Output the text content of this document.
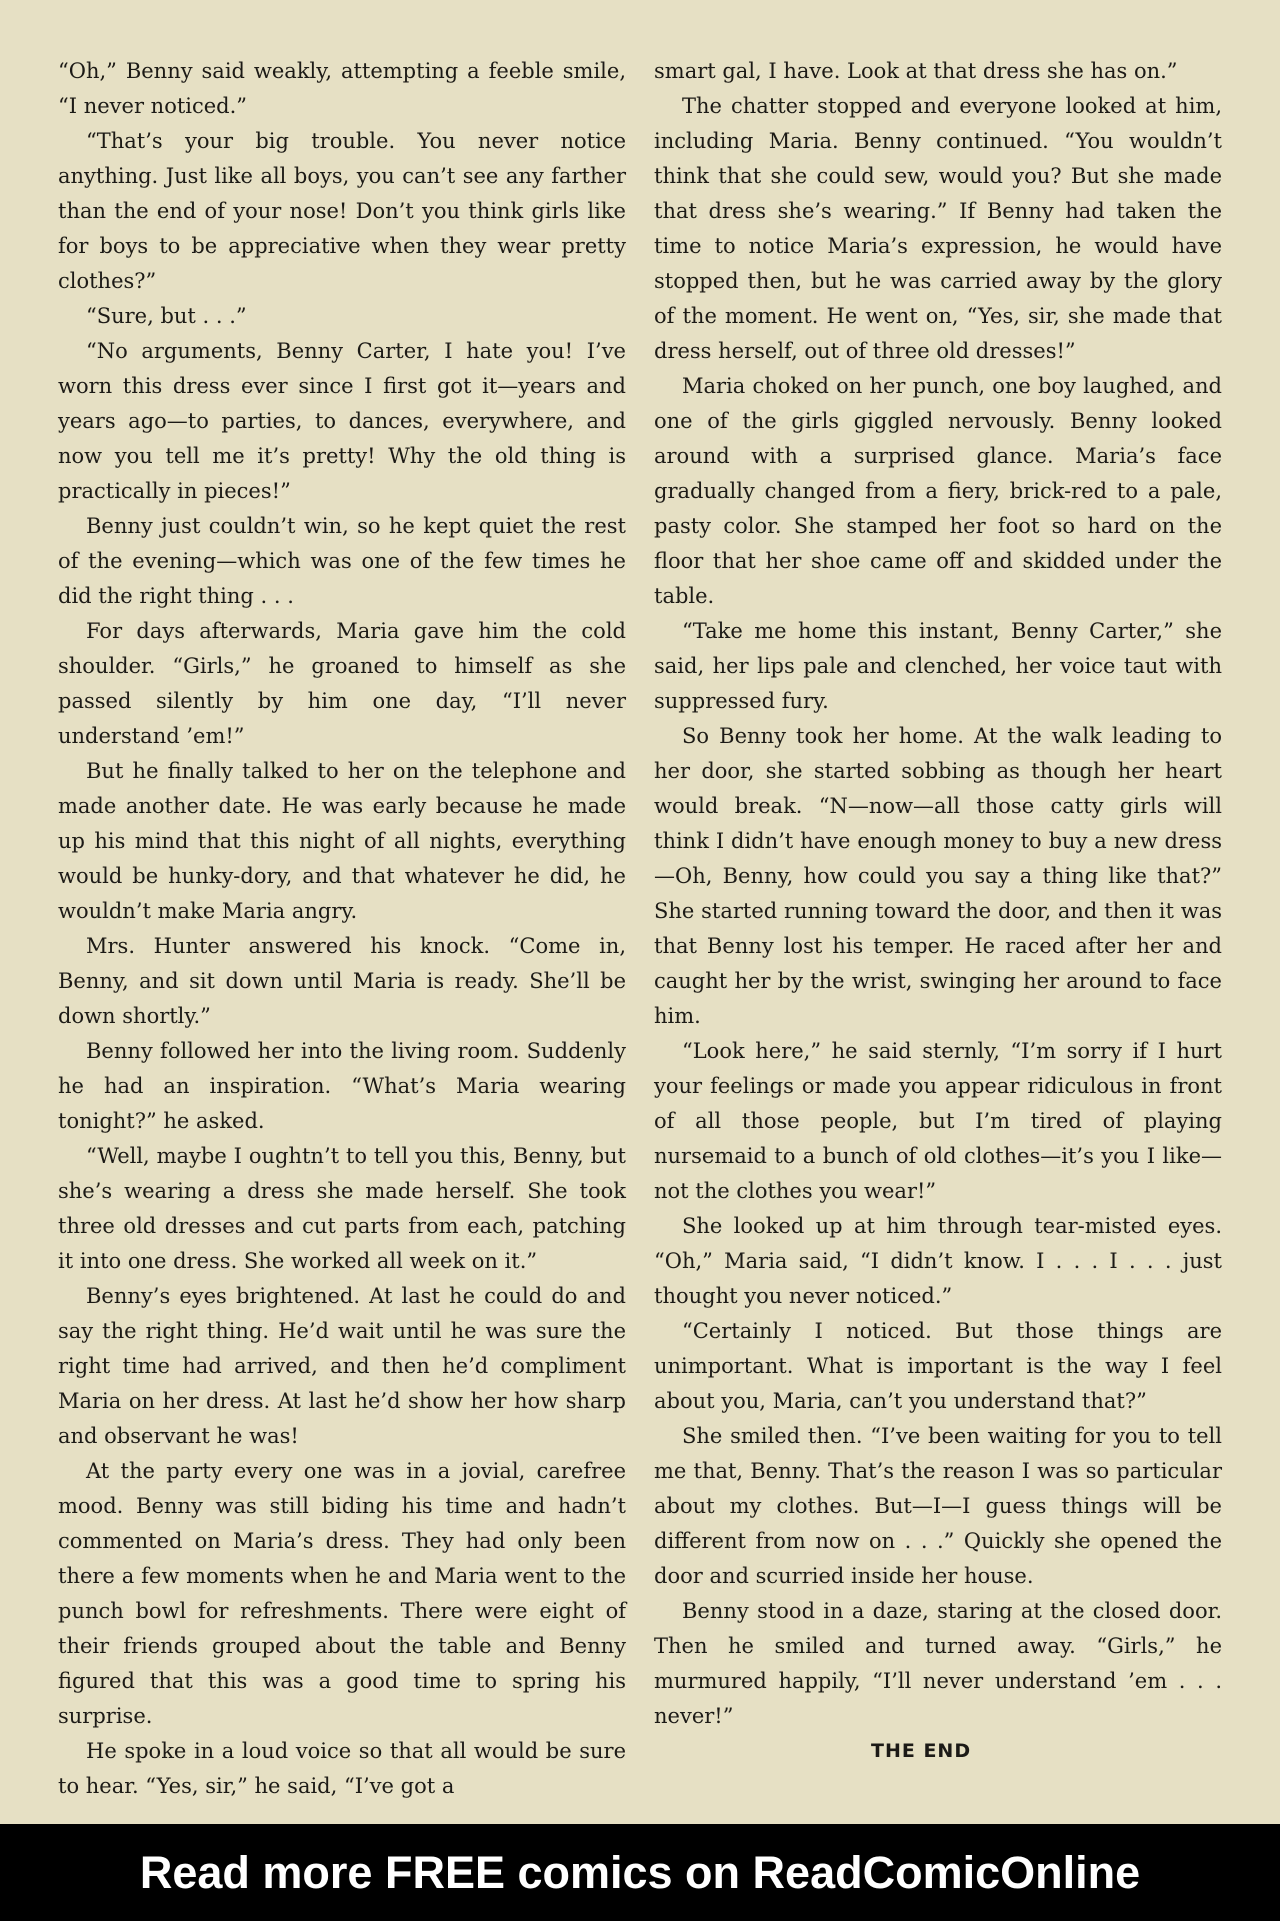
“Oh,” Benny said weakly, attempting a feeble smile, “I never noticed.”

“That’s your big trouble. You never notice anything. Just like all boys, you can’t see any farther than the end of your nose! Don’t you think girls like for boys to be appreciative when they wear pretty clothes?”

“Sure, but . . .”

“No arguments, Benny Carter, I hate you! I’ve worn this dress ever since I first got it—years and years ago—to parties, to dances, everywhere, and now you tell me it’s pretty! Why the old thing is practically in pieces!”

Benny just couldn’t win, so he kept quiet the rest of the evening—which was one of the few times he did the right thing . . .

For days afterwards, Maria gave him the cold shoulder. “Girls,” he groaned to himself as she passed silently by him one day, “I’ll never understand ’em!”

But he finally talked to her on the telephone and made another date. He was early because he made up his mind that this night of all nights, everything would be hunky-dory, and that whatever he did, he wouldn’t make Maria angry.

Mrs. Hunter answered his knock. “Come in, Benny, and sit down until Maria is ready. She’ll be down shortly.”

Benny followed her into the living room. Suddenly he had an inspiration. “What’s Maria wearing tonight?” he asked.

“Well, maybe I oughtn’t to tell you this, Benny, but she’s wearing a dress she made herself. She took three old dresses and cut parts from each, patching it into one dress. She worked all week on it.”

Benny’s eyes brightened. At last he could do and say the right thing. He’d wait until he was sure the right time had arrived, and then he’d compliment Maria on her dress. At last he’d show her how sharp and observant he was!

At the party every one was in a jovial, carefree mood. Benny was still biding his time and hadn’t commented on Maria’s dress. They had only been there a few moments when he and Maria went to the punch bowl for refreshments. There were eight of their friends grouped about the table and Benny figured that this was a good time to spring his surprise.

He spoke in a loud voice so that all would be sure to hear. “Yes, sir,” he said, “I’ve got a

smart gal, I have. Look at that dress she has on.”

The chatter stopped and everyone looked at him, including Maria. Benny continued. “You wouldn’t think that she could sew, would you? But she made that dress she’s wearing.” If Benny had taken the time to notice Maria’s expression, he would have stopped then, but he was carried away by the glory of the moment. He went on, “Yes, sir, she made that dress herself, out of three old dresses!”

Maria choked on her punch, one boy laughed, and one of the girls giggled nervously. Benny looked around with a surprised glance. Maria’s face gradually changed from a fiery, brick-red to a pale, pasty color. She stamped her foot so hard on the floor that her shoe came off and skidded under the table.

“Take me home this instant, Benny Carter,” she said, her lips pale and clenched, her voice taut with suppressed fury.

So Benny took her home. At the walk leading to her door, she started sobbing as though her heart would break. “N—now—all those catty girls will think I didn’t have enough money to buy a new dress—Oh, Benny, how could you say a thing like that?” She started running toward the door, and then it was that Benny lost his temper. He raced after her and caught her by the wrist, swinging her around to face him.

“Look here,” he said sternly, “I’m sorry if I hurt your feelings or made you appear ridiculous in front of all those people, but I’m tired of playing nursemaid to a bunch of old clothes—it’s you I like—not the clothes you wear!”

She looked up at him through tear-misted eyes. “Oh,” Maria said, “I didn’t know. I . . . I . . . just thought you never noticed.”

“Certainly I noticed. But those things are unimportant. What is important is the way I feel about you, Maria, can’t you understand that?”

She smiled then. “I’ve been waiting for you to tell me that, Benny. That’s the reason I was so particular about my clothes. But—I—I guess things will be different from now on . . .” Quickly she opened the door and scurried inside her house.

Benny stood in a daze, staring at the closed door. Then he smiled and turned away. “Girls,” he murmured happily, “I’ll never understand ’em . . . never!”

THE END

Read more FREE comics on ReadComicOnline
